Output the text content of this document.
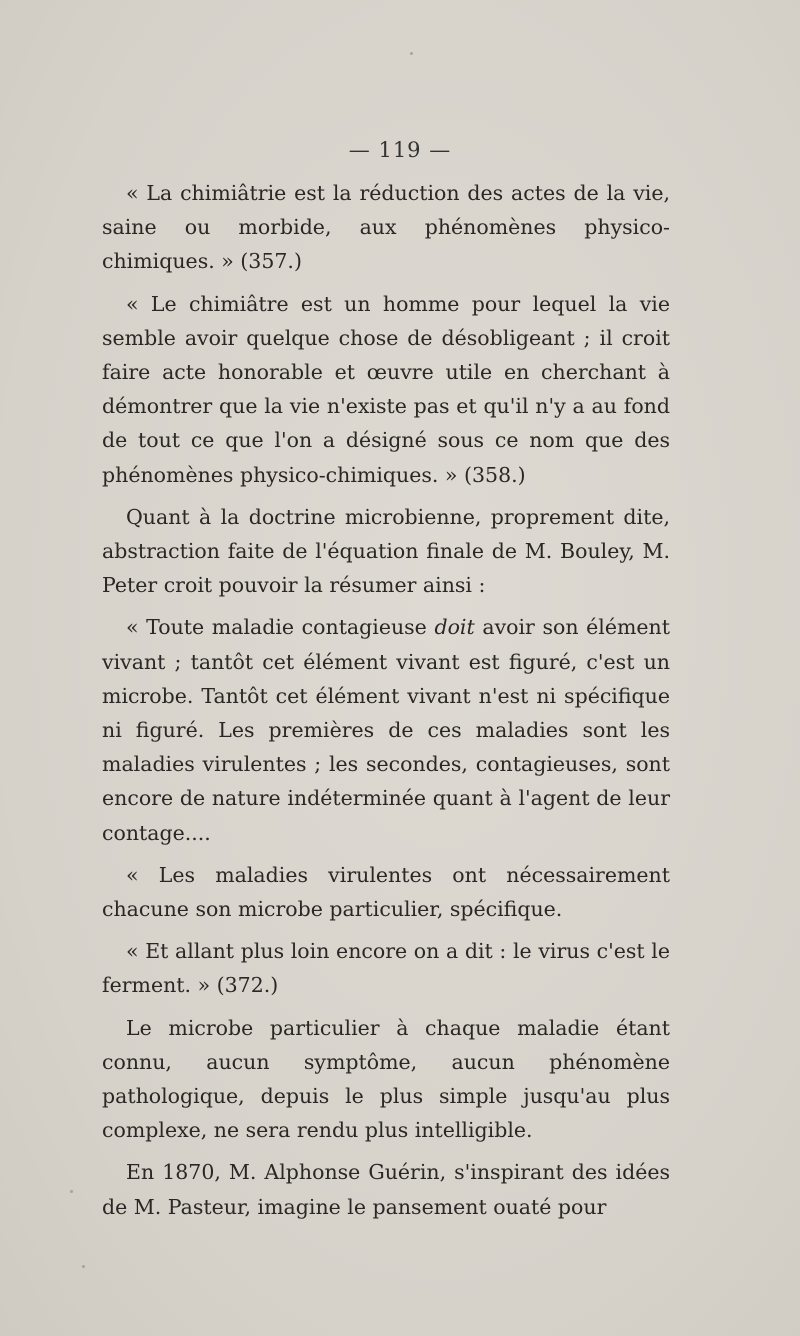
— 119 —

« La chimiâtrie est la réduction des actes de la vie, saine ou morbide, aux phénomènes physico-chimiques. » (357.)

« Le chimiâtre est un homme pour lequel la vie semble avoir quelque chose de désobligeant ; il croit faire acte honorable et œuvre utile en cherchant à démontrer que la vie n'existe pas et qu'il n'y a au fond de tout ce que l'on a désigné sous ce nom que des phénomènes physico-chimiques. » (358.)

Quant à la doctrine microbienne, proprement dite, abstraction faite de l'équation finale de M. Bouley, M. Peter croit pouvoir la résumer ainsi :

« Toute maladie contagieuse doit avoir son élément vivant ; tantôt cet élément vivant est figuré, c'est un microbe. Tantôt cet élément vivant n'est ni spécifique ni figuré. Les premières de ces maladies sont les maladies virulentes ; les secondes, contagieuses, sont encore de nature indéterminée quant à l'agent de leur contage....

« Les maladies virulentes ont nécessairement chacune son microbe particulier, spécifique.

« Et allant plus loin encore on a dit : le virus c'est le ferment. » (372.)

Le microbe particulier à chaque maladie étant connu, aucun symptôme, aucun phénomène pathologique, depuis le plus simple jusqu'au plus complexe, ne sera rendu plus intelligible.

En 1870, M. Alphonse Guérin, s'inspirant des idées de M. Pasteur, imagine le pansement ouaté pour
